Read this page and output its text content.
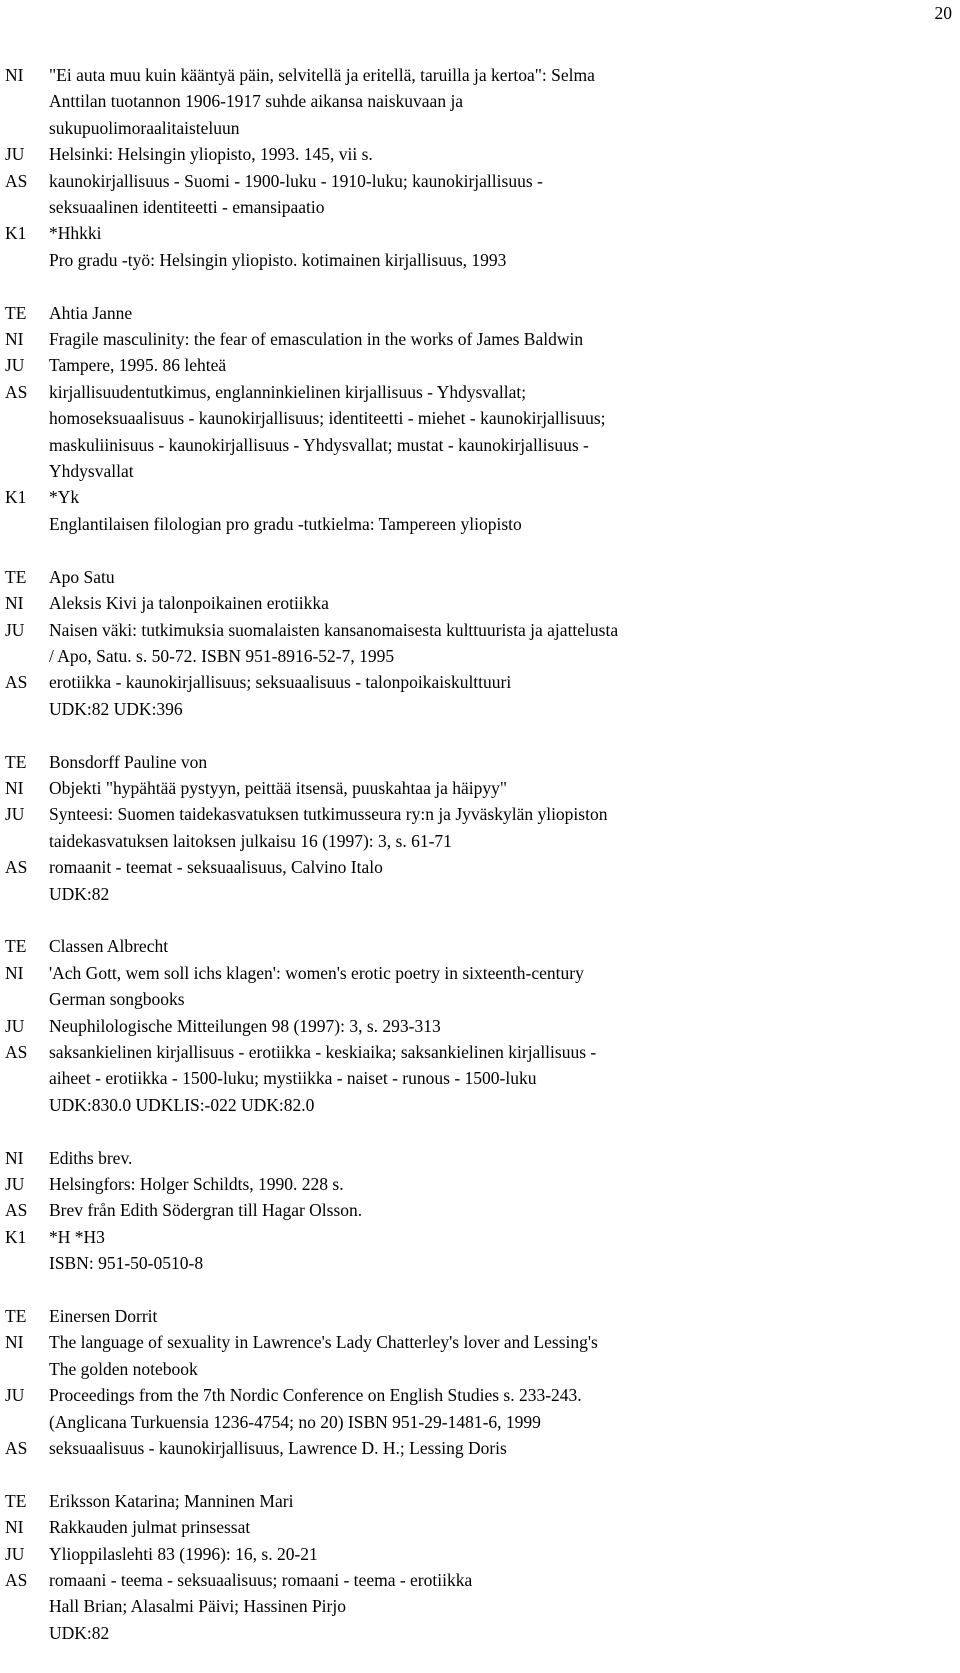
20
NI	"Ei auta muu kuin kääntyä päin, selvitellä ja eritellä, taruilla ja kertoa": Selma
Anttilan tuotannon 1906-1917 suhde aikansa naiskuvaan ja
sukupuolimoraalitaisteluun
JU	Helsinki: Helsingin yliopisto, 1993. 145, vii s.
AS	kaunokirjallisuus - Suomi - 1900-luku - 1910-luku; kaunokirjallisuus -
seksuaalinen identiteetti - emansipaatio
K1	*Hhkki
Pro gradu -työ: Helsingin yliopisto. kotimainen kirjallisuus, 1993
TE	Ahtia Janne
NI	Fragile masculinity: the fear of emasculation in the works of James Baldwin
JU	Tampere, 1995. 86 lehteä
AS	kirjallisuudentutkimus, englanninkielinen kirjallisuus - Yhdysvallat;
homoseksuaalisuus - kaunokirjallisuus; identiteetti - miehet - kaunokirjallisuus;
maskuliinisuus - kaunokirjallisuus - Yhdysvallat; mustat - kaunokirjallisuus -
Yhdysvallat
K1	*Yk
Englantilaisen filologian pro gradu -tutkielma: Tampereen yliopisto
TE	Apo Satu
NI	Aleksis Kivi ja talonpoikainen erotiikka
JU	Naisen väki: tutkimuksia suomalaisten kansanomaisesta kulttuurista ja ajattelusta
/ Apo, Satu. s. 50-72. ISBN 951-8916-52-7, 1995
AS	erotiikka - kaunokirjallisuus; seksuaalisuus - talonpoikaiskulttuuri
UDK:82 UDK:396
TE	Bonsdorff Pauline von
NI	Objekti "hypähtää pystyyn, peittää itsensä, puuskahtaa ja häipyy"
JU	Synteesi: Suomen taidekasvatuksen tutkimusseura ry:n ja Jyväskylän yliopiston
taidekasvatuksen laitoksen julkaisu 16 (1997): 3, s. 61-71
AS	romaanit - teemat - seksuaalisuus, Calvino Italo
UDK:82
TE	Classen Albrecht
NI	'Ach Gott, wem soll ichs klagen': women's erotic poetry in sixteenth-century
German songbooks
JU	Neuphilologische Mitteilungen 98 (1997): 3, s. 293-313
AS	saksankielinen kirjallisuus - erotiikka - keskiaika; saksankielinen kirjallisuus -
aiheet - erotiikka - 1500-luku; mystiikka - naiset - runous - 1500-luku
UDK:830.0 UDKLIS:-022 UDK:82.0
NI	Ediths brev.
JU	Helsingfors: Holger Schildts, 1990. 228 s.
AS	Brev från Edith Södergran till Hagar Olsson.
K1	*H *H3
ISBN: 951-50-0510-8
TE	Einersen Dorrit
NI	The language of sexuality in Lawrence's Lady Chatterley's lover and Lessing's
The golden notebook
JU	Proceedings from the 7th Nordic Conference on English Studies s. 233-243.
(Anglicana Turkuensia 1236-4754; no 20) ISBN 951-29-1481-6, 1999
AS	seksuaalisuus - kaunokirjallisuus, Lawrence D. H.; Lessing Doris
TE	Eriksson Katarina; Manninen Mari
NI	Rakkauden julmat prinsessat
JU	Ylioppilaslehti 83 (1996): 16, s. 20-21
AS	romaani - teema - seksuaalisuus; romaani - teema - erotiikka
Hall Brian; Alasalmi Päivi; Hassinen Pirjo
UDK:82
